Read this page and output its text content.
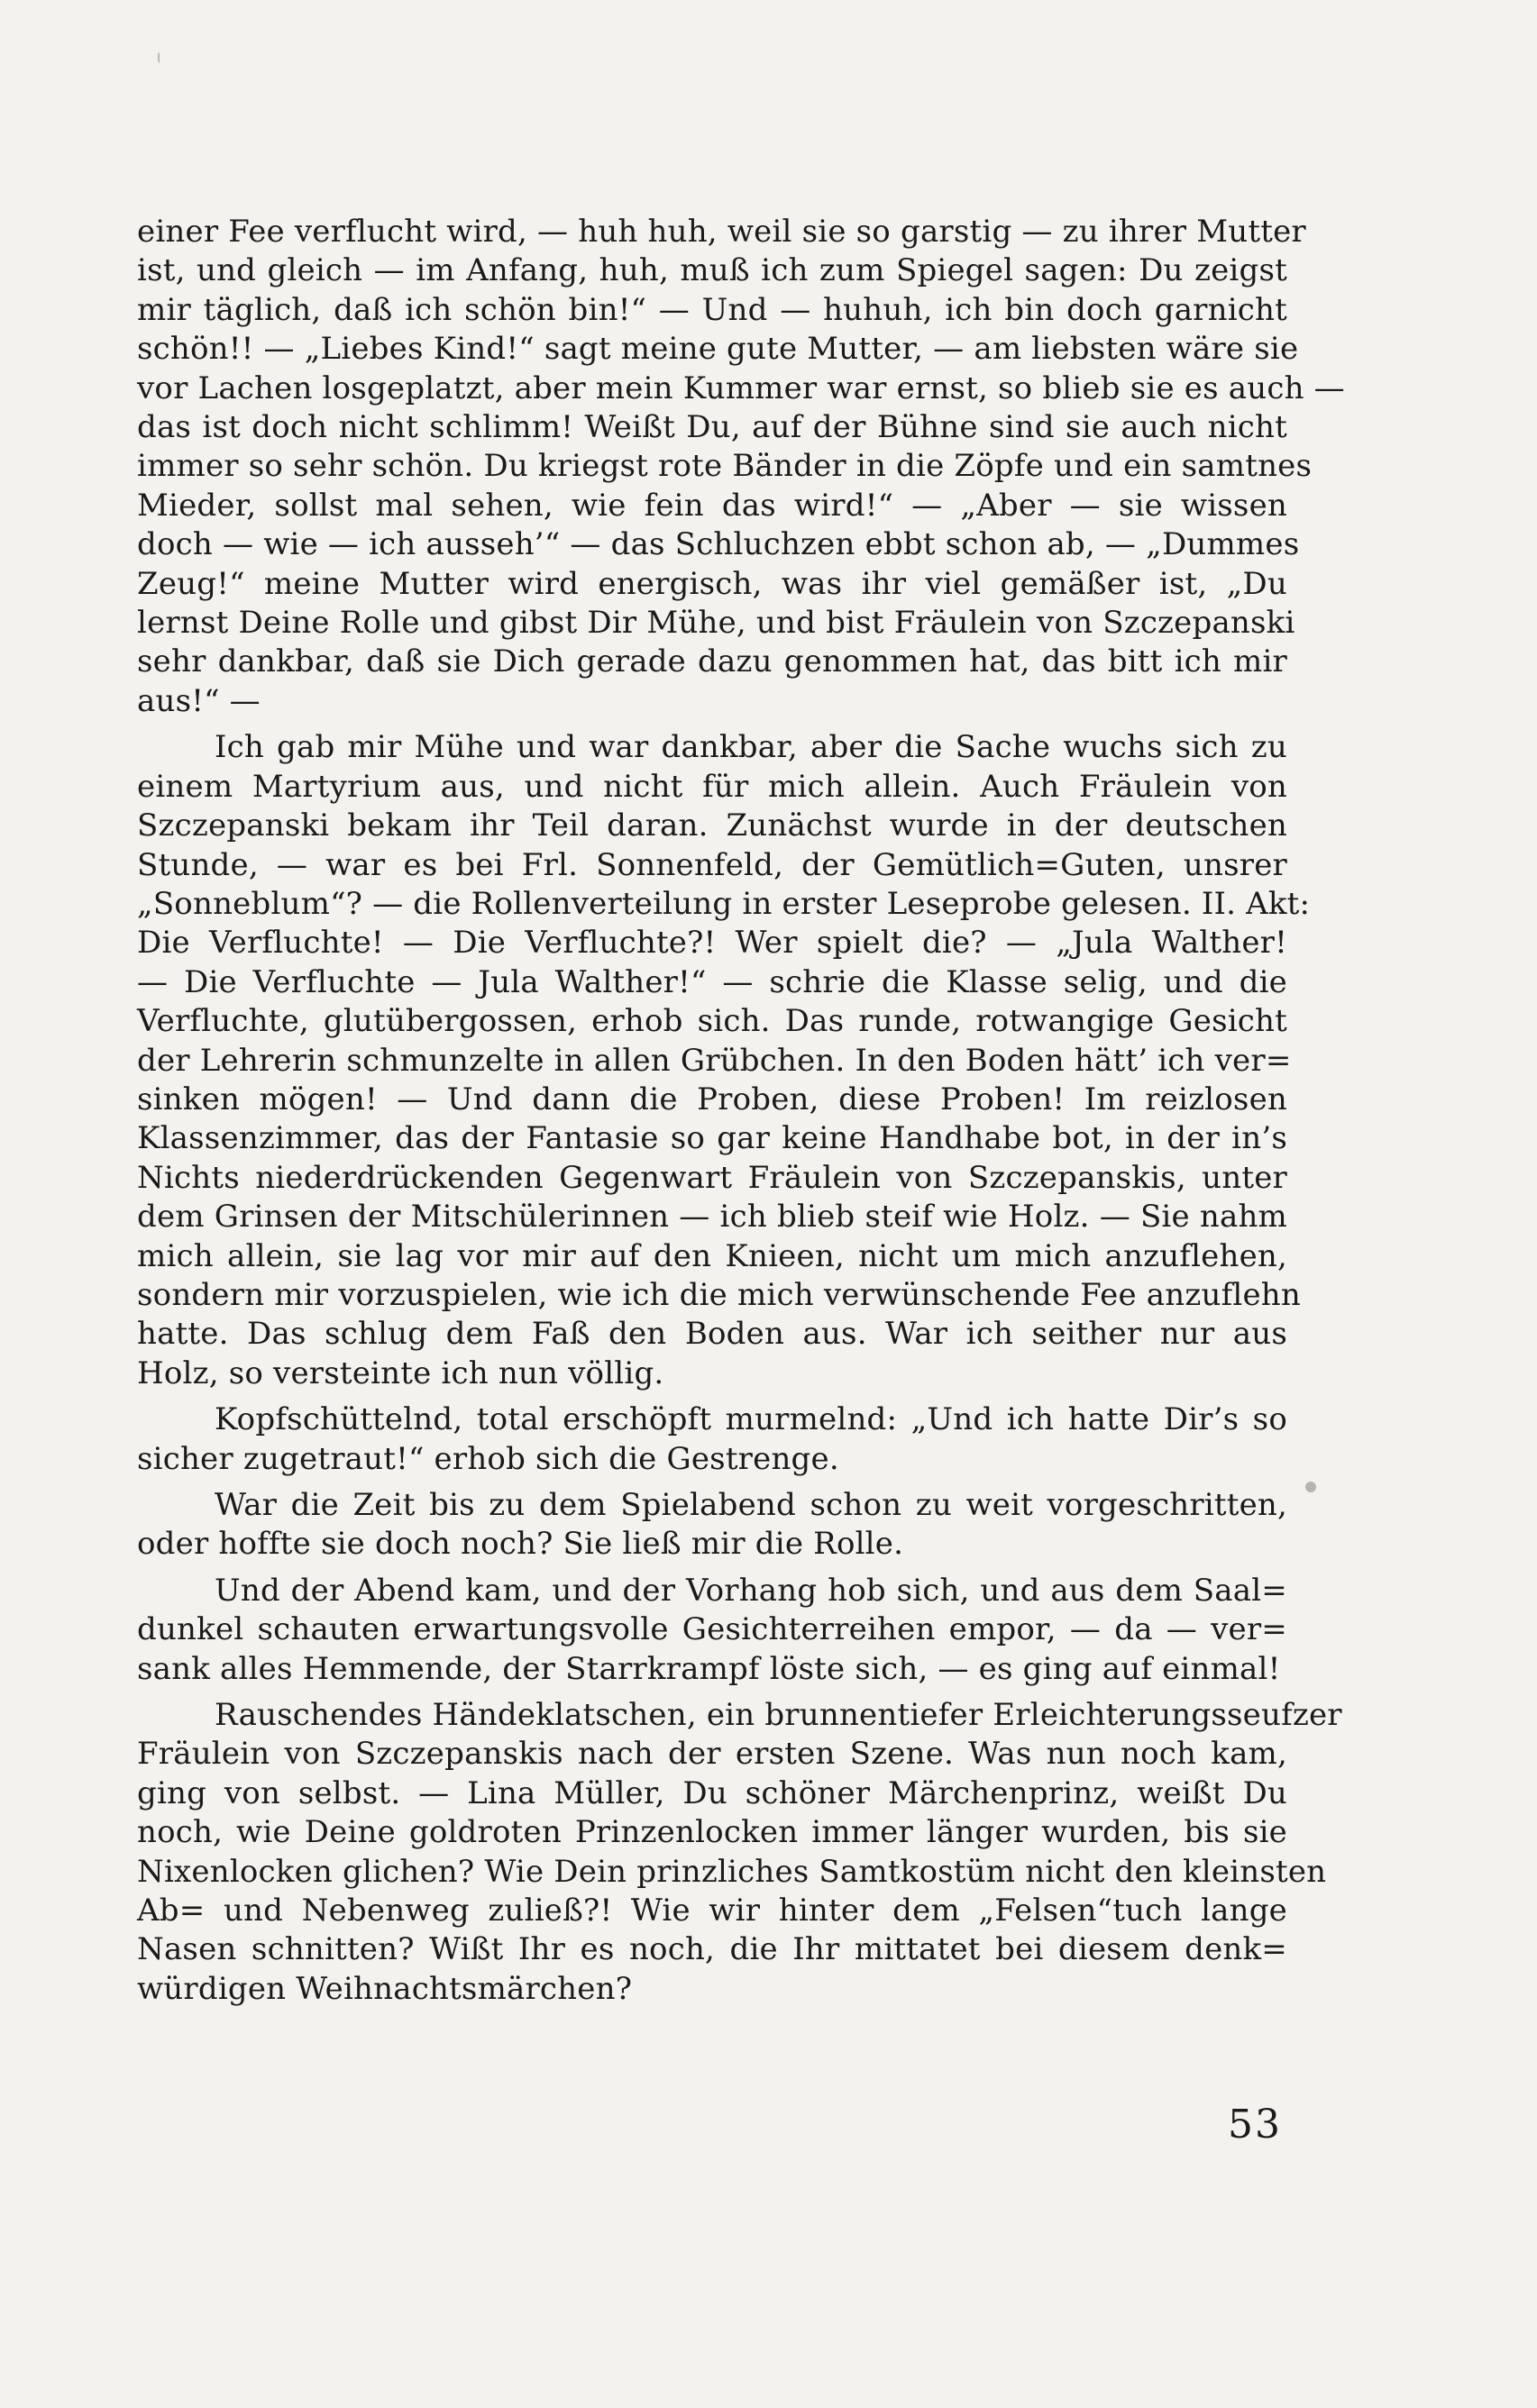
einer Fee verflucht wird, — huh huh, weil sie so garstig — zu ihrer Mutter
ist, und gleich — im Anfang, huh, muß ich zum Spiegel sagen: Du zeigst
mir täglich, daß ich schön bin!“ — Und — huhuh, ich bin doch garnicht
schön!! — „Liebes Kind!“ sagt meine gute Mutter, — am liebsten wäre sie
vor Lachen losgeplatzt, aber mein Kummer war ernst, so blieb sie es auch —
das ist doch nicht schlimm! Weißt Du, auf der Bühne sind sie auch nicht
immer so sehr schön. Du kriegst rote Bänder in die Zöpfe und ein samtnes
Mieder, sollst mal sehen, wie fein das wird!“ — „Aber — sie wissen
doch — wie — ich ausseh’“ — das Schluchzen ebbt schon ab, — „Dummes
Zeug!“ meine Mutter wird energisch, was ihr viel gemäßer ist, „Du
lernst Deine Rolle und gibst Dir Mühe, und bist Fräulein von Szczepanski
sehr dankbar, daß sie Dich gerade dazu genommen hat, das bitt ich mir
aus!“ —
Ich gab mir Mühe und war dankbar, aber die Sache wuchs sich zu
einem Martyrium aus, und nicht für mich allein. Auch Fräulein von
Szczepanski bekam ihr Teil daran. Zunächst wurde in der deutschen
Stunde, — war es bei Frl. Sonnenfeld, der Gemütlich=Guten, unsrer
„Sonneblum“? — die Rollenverteilung in erster Leseprobe gelesen. II. Akt:
Die Verfluchte! — Die Verfluchte?! Wer spielt die? — „Jula Walther!
— Die Verfluchte — Jula Walther!“ — schrie die Klasse selig, und die
Verfluchte, glutübergossen, erhob sich. Das runde, rotwangige Gesicht
der Lehrerin schmunzelte in allen Grübchen. In den Boden hätt’ ich ver=
sinken mögen! — Und dann die Proben, diese Proben! Im reizlosen
Klassenzimmer, das der Fantasie so gar keine Handhabe bot, in der in’s
Nichts niederdrückenden Gegenwart Fräulein von Szczepanskis, unter
dem Grinsen der Mitschülerinnen — ich blieb steif wie Holz. — Sie nahm
mich allein, sie lag vor mir auf den Knieen, nicht um mich anzuflehen,
sondern mir vorzuspielen, wie ich die mich verwünschende Fee anzuflehn
hatte. Das schlug dem Faß den Boden aus. War ich seither nur aus
Holz, so versteinte ich nun völlig.
Kopfschüttelnd, total erschöpft murmelnd: „Und ich hatte Dir’s so
sicher zugetraut!“ erhob sich die Gestrenge.
War die Zeit bis zu dem Spielabend schon zu weit vorgeschritten,
oder hoffte sie doch noch? Sie ließ mir die Rolle.
Und der Abend kam, und der Vorhang hob sich, und aus dem Saal=
dunkel schauten erwartungsvolle Gesichterreihen empor, — da — ver=
sank alles Hemmende, der Starrkrampf löste sich, — es ging auf einmal!
Rauschendes Händeklatschen, ein brunnentiefer Erleichterungsseufzer
Fräulein von Szczepanskis nach der ersten Szene. Was nun noch kam,
ging von selbst. — Lina Müller, Du schöner Märchenprinz, weißt Du
noch, wie Deine goldroten Prinzenlocken immer länger wurden, bis sie
Nixenlocken glichen? Wie Dein prinzliches Samtkostüm nicht den kleinsten
Ab= und Nebenweg zuließ?! Wie wir hinter dem „Felsen“tuch lange
Nasen schnitten? Wißt Ihr es noch, die Ihr mittatet bei diesem denk=
würdigen Weihnachtsmärchen?
53
